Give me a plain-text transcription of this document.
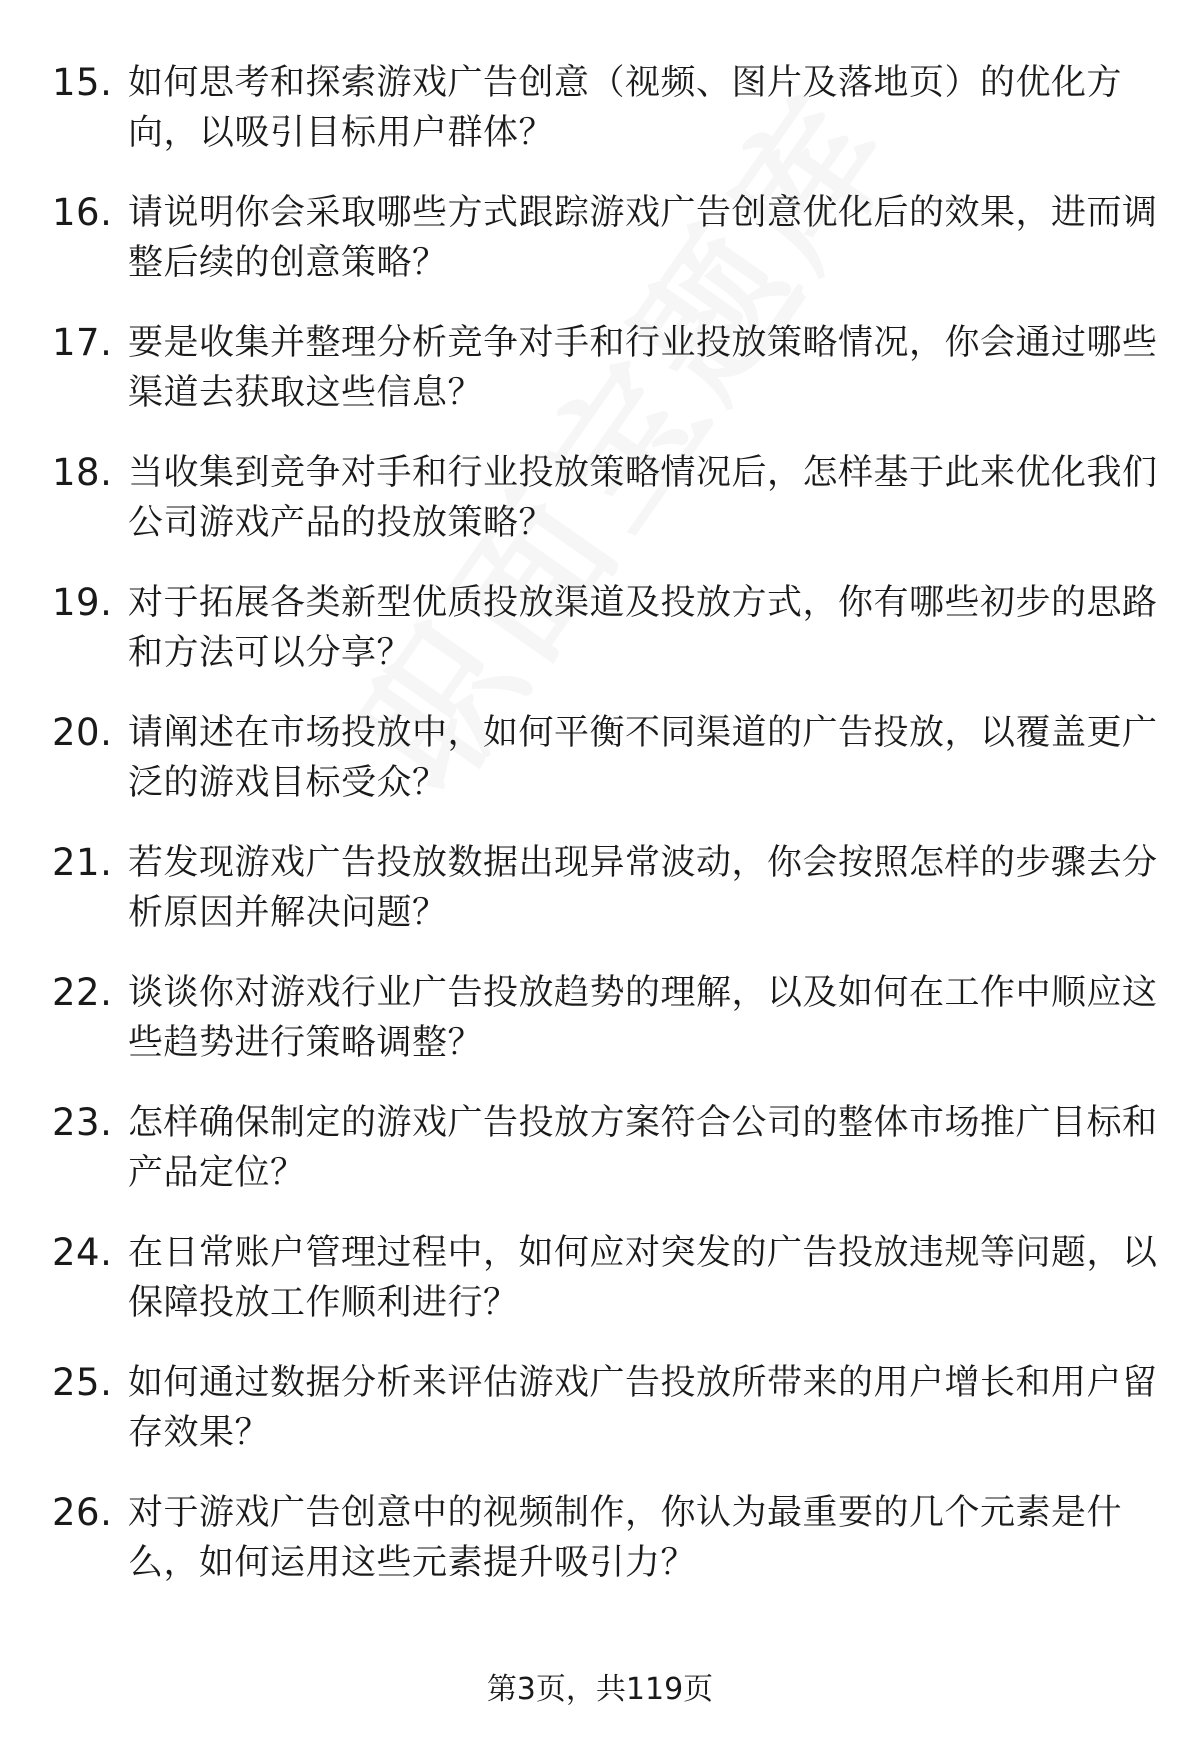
15. 如何思考和探索游戏广告创意（视频、图片及落地页）的优化方向，以吸引目标用户群体？
16. 请说明你会采取哪些方式跟踪游戏广告创意优化后的效果，进而调整后续的创意策略？
17. 要是收集并整理分析竞争对手和行业投放策略情况，你会通过哪些渠道去获取这些信息？
18. 当收集到竞争对手和行业投放策略情况后，怎样基于此来优化我们公司游戏产品的投放策略？
19. 对于拓展各类新型优质投放渠道及投放方式，你有哪些初步的思路和方法可以分享？
20. 请阐述在市场投放中，如何平衡不同渠道的广告投放，以覆盖更广泛的游戏目标受众？
21. 若发现游戏广告投放数据出现异常波动，你会按照怎样的步骤去分析原因并解决问题？
22. 谈谈你对游戏行业广告投放趋势的理解，以及如何在工作中顺应这些趋势进行策略调整？
23. 怎样确保制定的游戏广告投放方案符合公司的整体市场推广目标和产品定位？
24. 在日常账户管理过程中，如何应对突发的广告投放违规等问题，以保障投放工作顺利进行？
25. 如何通过数据分析来评估游戏广告投放所带来的用户增长和用户留存效果？
26. 对于游戏广告创意中的视频制作，你认为最重要的几个元素是什么，如何运用这些元素提升吸引力？
第3页，共119页
